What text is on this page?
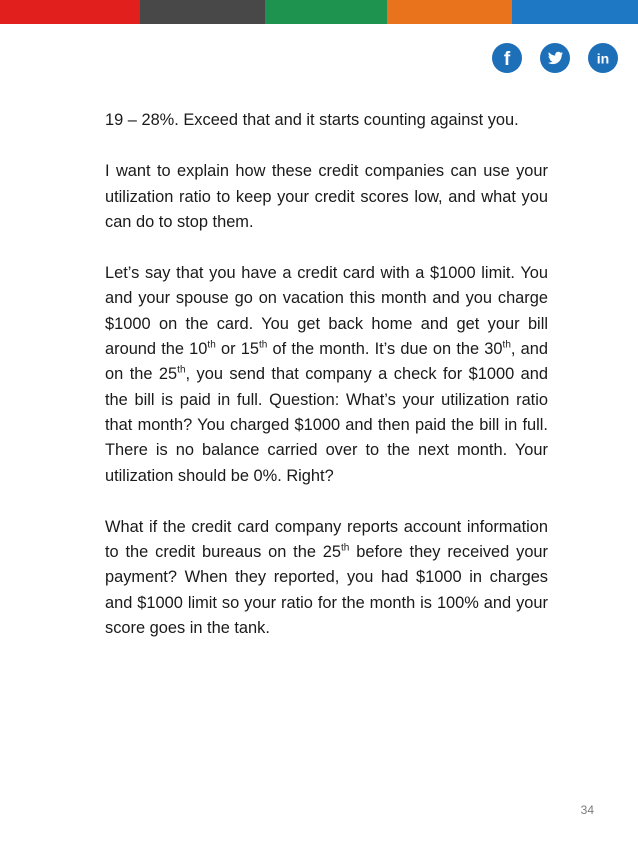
f	in

19 – 28%. Exceed that and it starts counting against you.

I want to explain how these credit companies can use your utilization ratio to keep your credit scores low, and what you can do to stop them.

Let’s say that you have a credit card with a $1000 limit. You and your spouse go on vacation this month and you charge $1000 on the card. You get back home and get your bill around the 10th or 15th of the month. It’s due on the 30th, and on the 25th, you send that company a check for $1000 and the bill is paid in full. Question: What’s your utilization ratio that month? You charged $1000 and then paid the bill in full. There is no balance carried over to the next month. Your utilization should be 0%. Right?

What if the credit card company reports account information to the credit bureaus on the 25th before they received your payment? When they reported, you had $1000 in charges and $1000 limit so your ratio for the month is 100% and your score goes in the tank.

34
